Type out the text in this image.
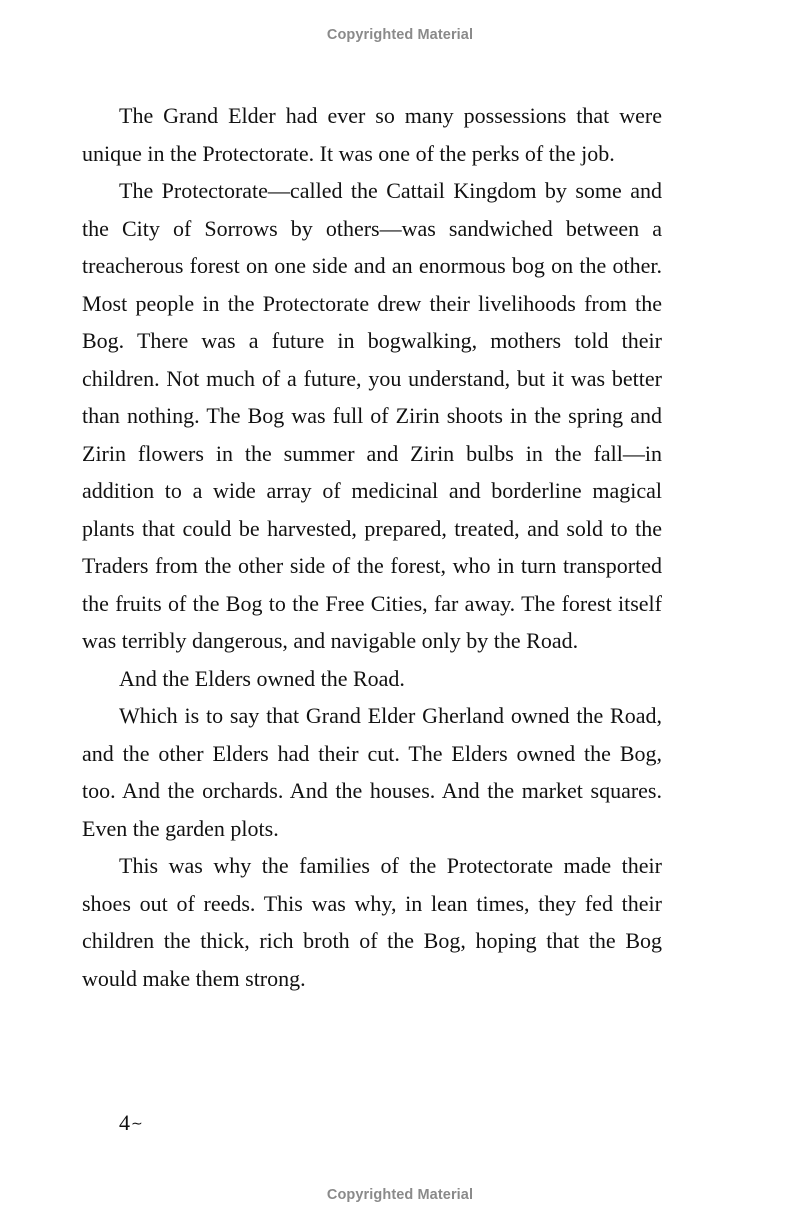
Copyrighted Material

The Grand Elder had ever so many possessions that were unique in the Protectorate. It was one of the perks of the job.

The Protectorate—called the Cattail Kingdom by some and the City of Sorrows by others—was sandwiched between a treacherous forest on one side and an enormous bog on the other. Most people in the Protectorate drew their livelihoods from the Bog. There was a future in bogwalking, mothers told their children. Not much of a future, you understand, but it was better than nothing. The Bog was full of Zirin shoots in the spring and Zirin flowers in the summer and Zirin bulbs in the fall—in addition to a wide array of medicinal and borderline magical plants that could be harvested, prepared, treated, and sold to the Traders from the other side of the forest, who in turn transported the fruits of the Bog to the Free Cities, far away. The forest itself was terribly dangerous, and navigable only by the Road.

And the Elders owned the Road.

Which is to say that Grand Elder Gherland owned the Road, and the other Elders had their cut. The Elders owned the Bog, too. And the orchards. And the houses. And the market squares. Even the garden plots.

This was why the families of the Protectorate made their shoes out of reeds. This was why, in lean times, they fed their children the thick, rich broth of the Bog, hoping that the Bog would make them strong.

4∼
Copyrighted Material
